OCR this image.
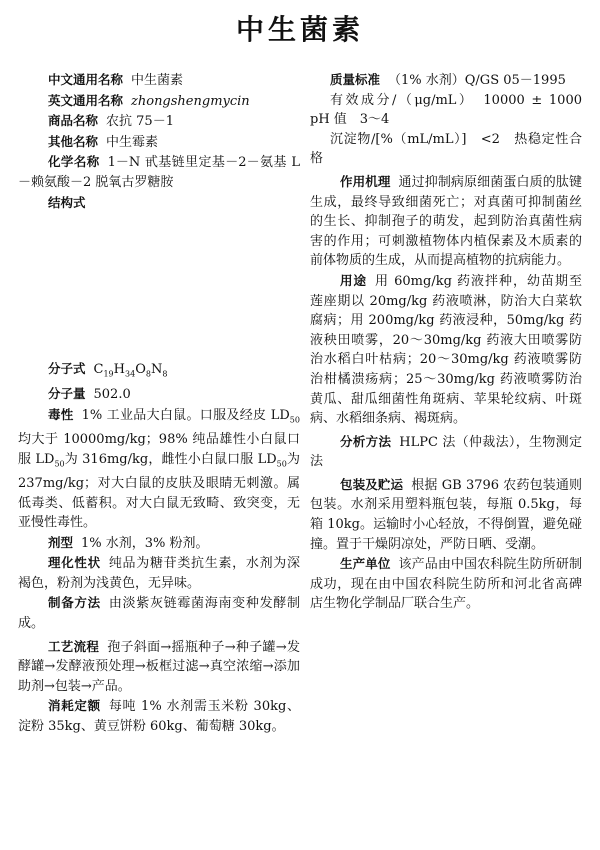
中生菌素

中文通用名称 中生菌素

英文通用名称 zhongshengmycin

商品名称 农抗 75－1

其他名称 中生霉素

化学名称 1－N 甙基链里定基－2－氨基 L－赖氨酸－2 脱氧古罗糖胺

结构式

分子式 $C_{19}H_{34}O_8N_8$

分子量 502.0

毒性 1% 工业品大白鼠。口服及经皮 $LD_{50}$均大于 10000mg/kg；98% 纯品雄性小白鼠口服 $LD_{50}$为 316mg/kg，雌性小白鼠口服 $LD_{50}$为 237mg/kg；对大白鼠的皮肤及眼睛无刺激。属低毒类、低蓄积。对大白鼠无致畸、致突变，无亚慢性毒性。

剂型 1% 水剂，3% 粉剂。

理化性状 纯品为糖苷类抗生素，水剂为深褐色，粉剂为浅黄色，无异味。

制备方法 由淡紫灰链霉菌海南变种发酵制成。

工艺流程 孢子斜面→摇瓶种子→种子罐→发酵罐→发酵液预处理→板框过滤→真空浓缩→添加助剂→包装→产品。

消耗定额 每吨 1% 水剂需玉米粉 30kg、淀粉 35kg、黄豆饼粉 60kg、葡萄糖 30kg。

质量标准 （1% 水剂）Q/GS 05－1995

有效成分/（μg/mL）　10000 ± 1000　pH 值　3～4

沉淀物/[%（mL/mL）]　<2　热稳定性合格

作用机理 通过抑制病原细菌蛋白质的肽键生成，最终导致细菌死亡；对真菌可抑制菌丝的生长、抑制孢子的萌发，起到防治真菌性病害的作用；可刺激植物体内植保素及木质素的前体物质的生成，从而提高植物的抗病能力。

用途 用 60mg/kg 药液拌种，幼苗期至莲座期以 20mg/kg 药液喷淋，防治大白菜软腐病；用 200mg/kg 药液浸种，50mg/kg 药液秧田喷雾，20～30mg/kg 药液大田喷雾防治水稻白叶枯病；20～30mg/kg 药液喷雾防治柑橘溃疡病；25～30mg/kg 药液喷雾防治黄瓜、甜瓜细菌性角斑病、苹果轮纹病、叶斑病、水稻细条病、褐斑病。

分析方法 HLPC 法（仲裁法），生物测定法

包装及贮运 根据 GB 3796 农药包装通则包装。水剂采用塑料瓶包装，每瓶 0.5kg，每箱 10kg。运输时小心轻放，不得倒置，避免碰撞。置于干燥阴凉处，严防日晒、受潮。

生产单位 该产品由中国农科院生防所研制成功，现在由中国农科院生防所和河北省高碑店生物化学制品厂联合生产。
